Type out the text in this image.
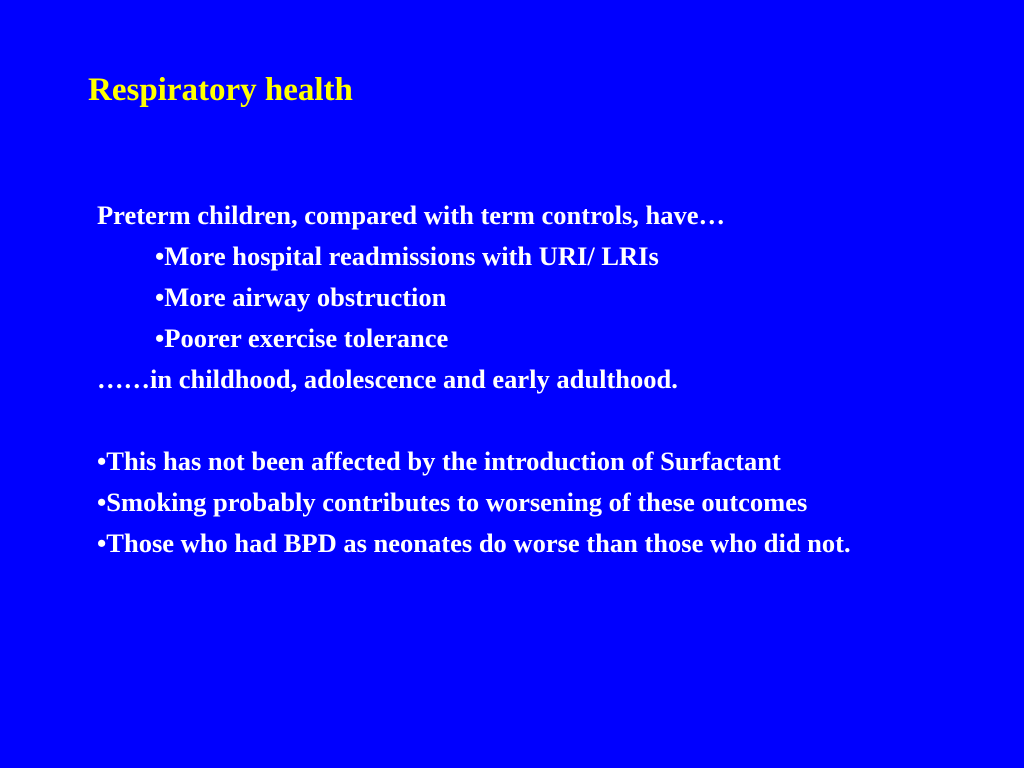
Respiratory health
Preterm children, compared with term controls, have…
•More hospital readmissions with URI/ LRIs
•More airway obstruction
•Poorer exercise tolerance
……in childhood, adolescence and early adulthood.
•This has not been affected by the introduction of Surfactant
•Smoking probably contributes to worsening of these outcomes
•Those who had BPD as neonates do worse than those who did not.
